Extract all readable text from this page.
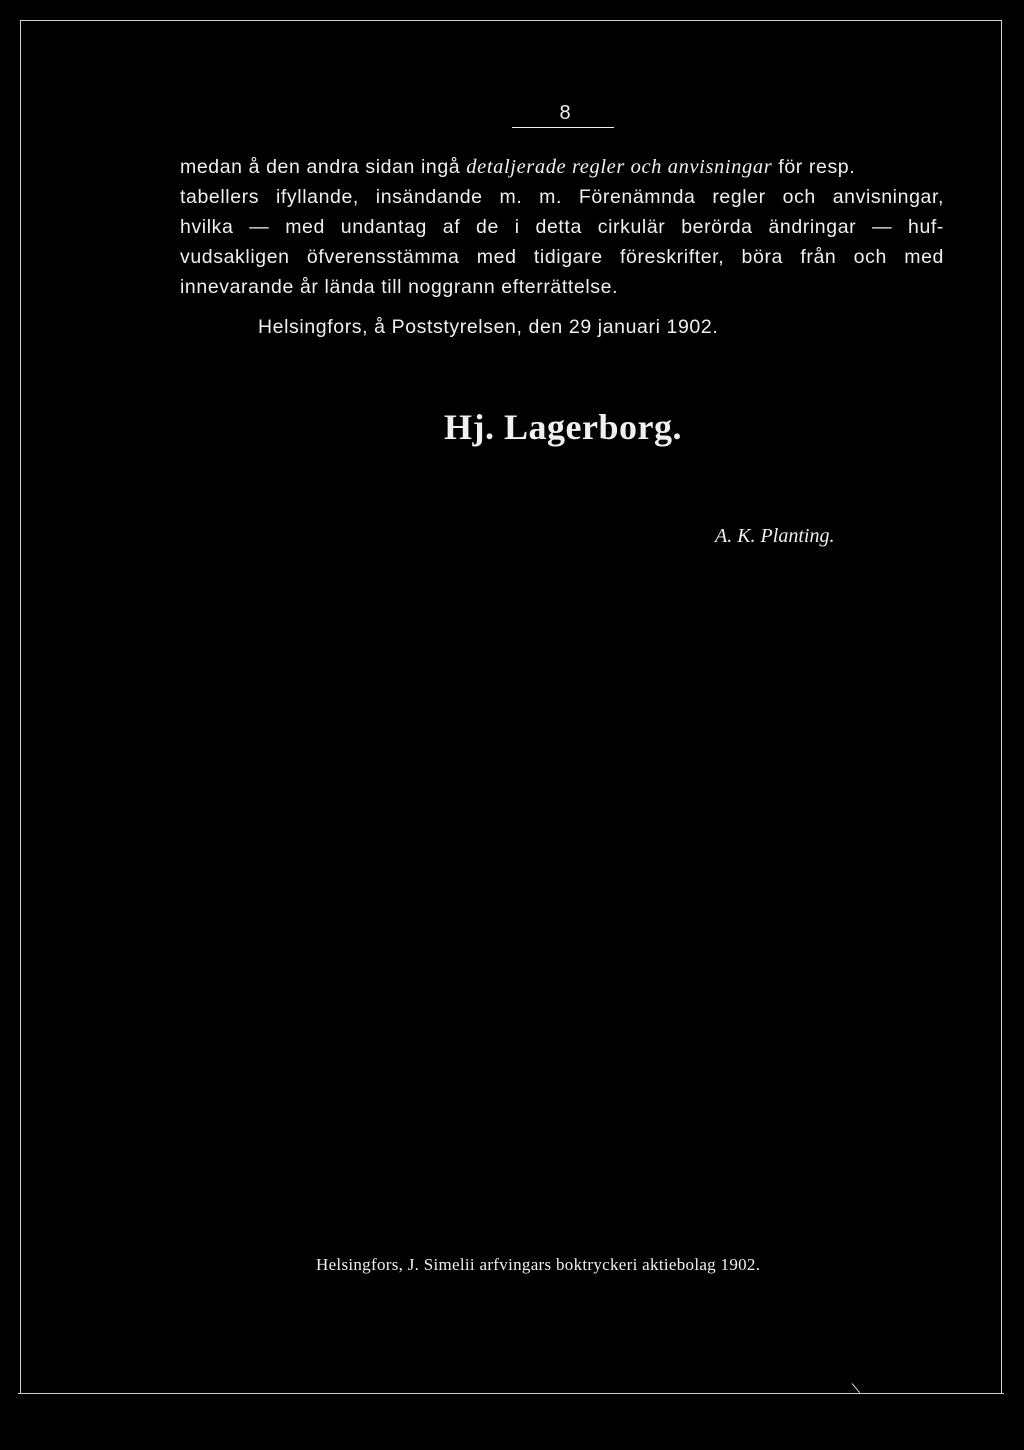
8
medan å den andra sidan ingå detaljerade regler och anvisningar för resp.
tabellers ifyllande, insändande m. m. Förenämnda regler och anvisningar,
hvilka — med undantag af de i detta cirkulär berörda ändringar — huf-
vudsakligen öfverensstämma med tidigare föreskrifter, böra från och med
innevarande år lända till noggrann efterrättelse.
Helsingfors, å Poststyrelsen, den 29 januari 1902.
Hj. Lagerborg.
A. K. Planting.
Helsingfors, J. Simelii arfvingars boktryckeri aktiebolag 1902.
